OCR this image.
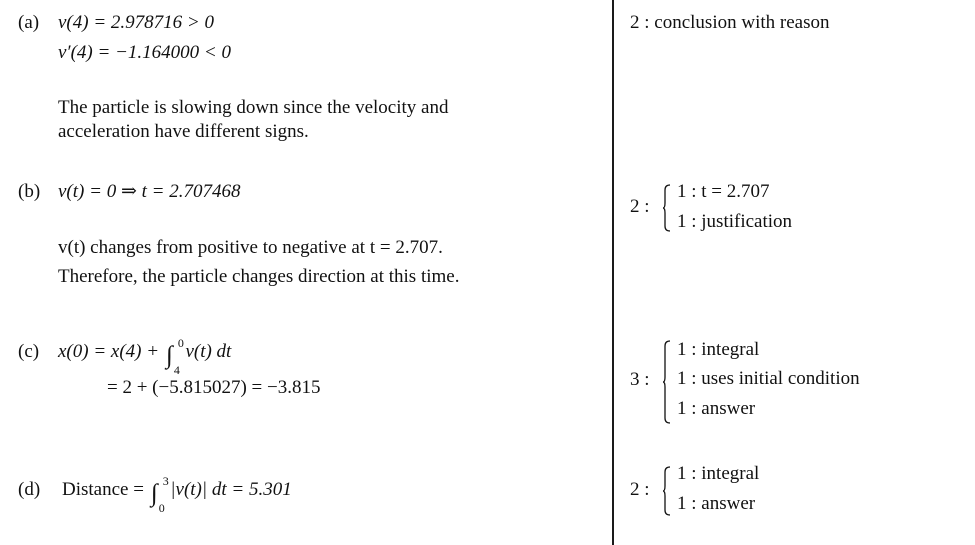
(a) v(4) = 2.978716 > 0
v′(4) = −1.164000 < 0
The particle is slowing down since the velocity and
acceleration have different signs.
2 : conclusion with reason
(b) v(t) = 0 ⇒ t = 2.707468
v(t) changes from positive to negative at t = 2.707.
Therefore, the particle changes direction at this time.
2 :
1 : t = 2.707
1 : justification
(c) x(0) = x(4) + ∫ 0
4
v(t) dt
= 2 + (−5.815027) = −3.815	3 :
1 : integral
1 : uses initial condition
1 : answer
(d) Distance = ∫ 3
0
|v(t)| dt = 5.301	2 :
1 : integral
1 : answer
